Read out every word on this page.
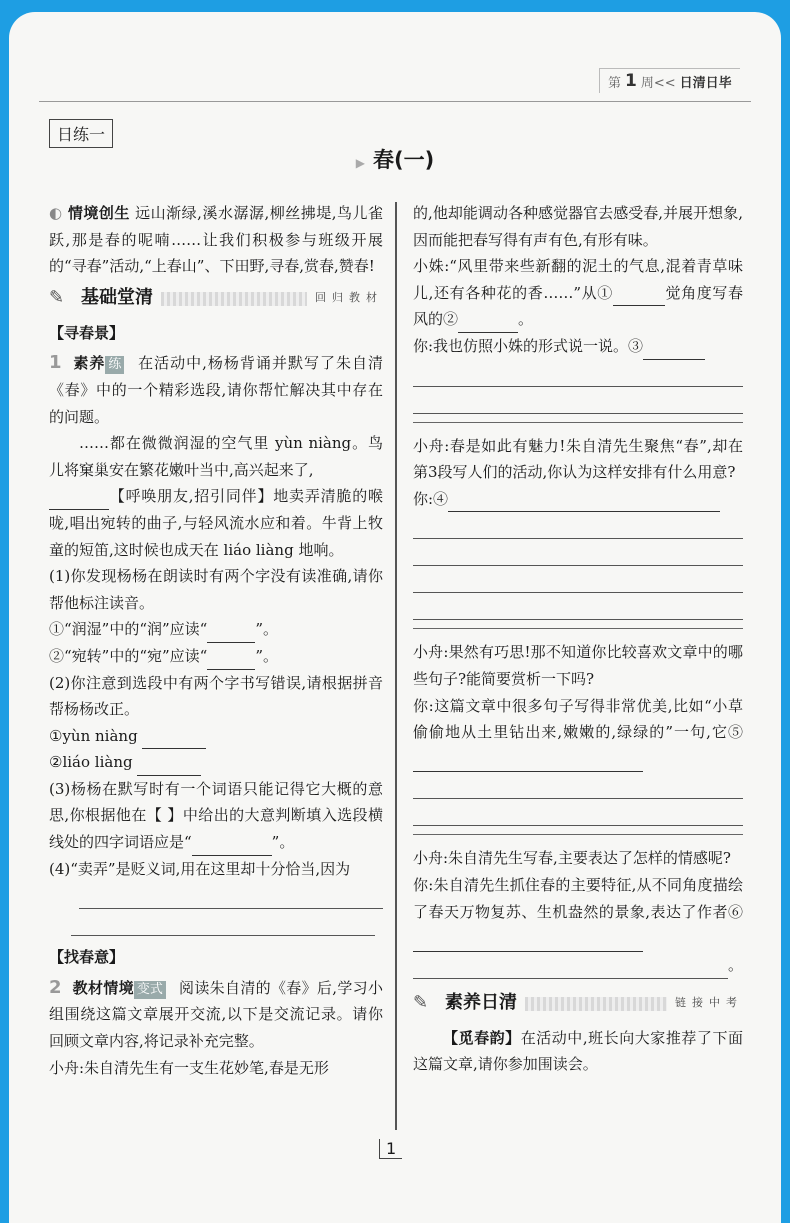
第 1 周<< 日清日毕
日练一
▶ 春(一)

◐ 情境创生 远山渐绿,溪水潺潺,柳丝拂堤,鸟儿雀跃,那是春的呢喃……让我们积极参与班级开展的“寻春”活动,“上春山”、下田野,寻春,赏春,赞春!

✎ 基础堂清	回归教材
【寻春景】

1 素养 练 在活动中,杨杨背诵并默写了朱自清《春》中的一个精彩选段,请你帮忙解决其中存在的问题。

……都在微微润湿的空气里 yùn niàng。鸟儿将窠巢安在繁花嫩叶当中,高兴起来了,

【呼唤朋友,招引同伴】地卖弄清脆的喉咙,唱出宛转的曲子,与轻风流水应和着。牛背上牧童的短笛,这时候也成天在 liáo liàng 地响。

(1)你发现杨杨在朗读时有两个字没有读准确,请你帮他标注读音。

①“润湿”中的“润”应读“	”。

②“宛转”中的“宛”应读“	”。

(2)你注意到选段中有两个字书写错误,请根据拼音帮杨杨改正。

①yùn niàng

②liáo liàng

(3)杨杨在默写时有一个词语只能记得它大概的意思,你根据他在【 】中给出的大意判断填入选段横线处的四字词语应是“	”。

(4)“卖弄”是贬义词,用在这里却十分恰当,因为

【找春意】

2 教材情境 变式 阅读朱自清的《春》后,学习小组围绕这篇文章展开交流,以下是交流记录。请你回顾文章内容,将记录补充完整。

小舟:朱自清先生有一支生花妙笔,春是无形

的,他却能调动各种感觉器官去感受春,并展开想象,因而能把春写得有声有色,有形有味。

小姝:“风里带来些新翻的泥土的气息,混着青草味儿,还有各种花的香……”从①	觉角度写春风的②	。

你:我也仿照小姝的形式说一说。③

小舟:春是如此有魅力!朱自清先生聚焦“春”,却在第3段写人们的活动,你认为这样安排有什么用意?

你:④

小舟:果然有巧思!那不知道你比较喜欢文章中的哪些句子?能简要赏析一下吗?

你:这篇文章中很多句子写得非常优美,比如“小草偷偷地从土里钻出来,嫩嫩的,绿绿的”一句,它⑤

小舟:朱自清先生写春,主要表达了怎样的情感呢?

你:朱自清先生抓住春的主要特征,从不同角度描绘了春天万物复苏、生机盎然的景象,表达了作者⑥

。
✎ 素养日清	链接中考

【觅春韵】在活动中,班长向大家推荐了下面这篇文章,请你参加围读会。

1
